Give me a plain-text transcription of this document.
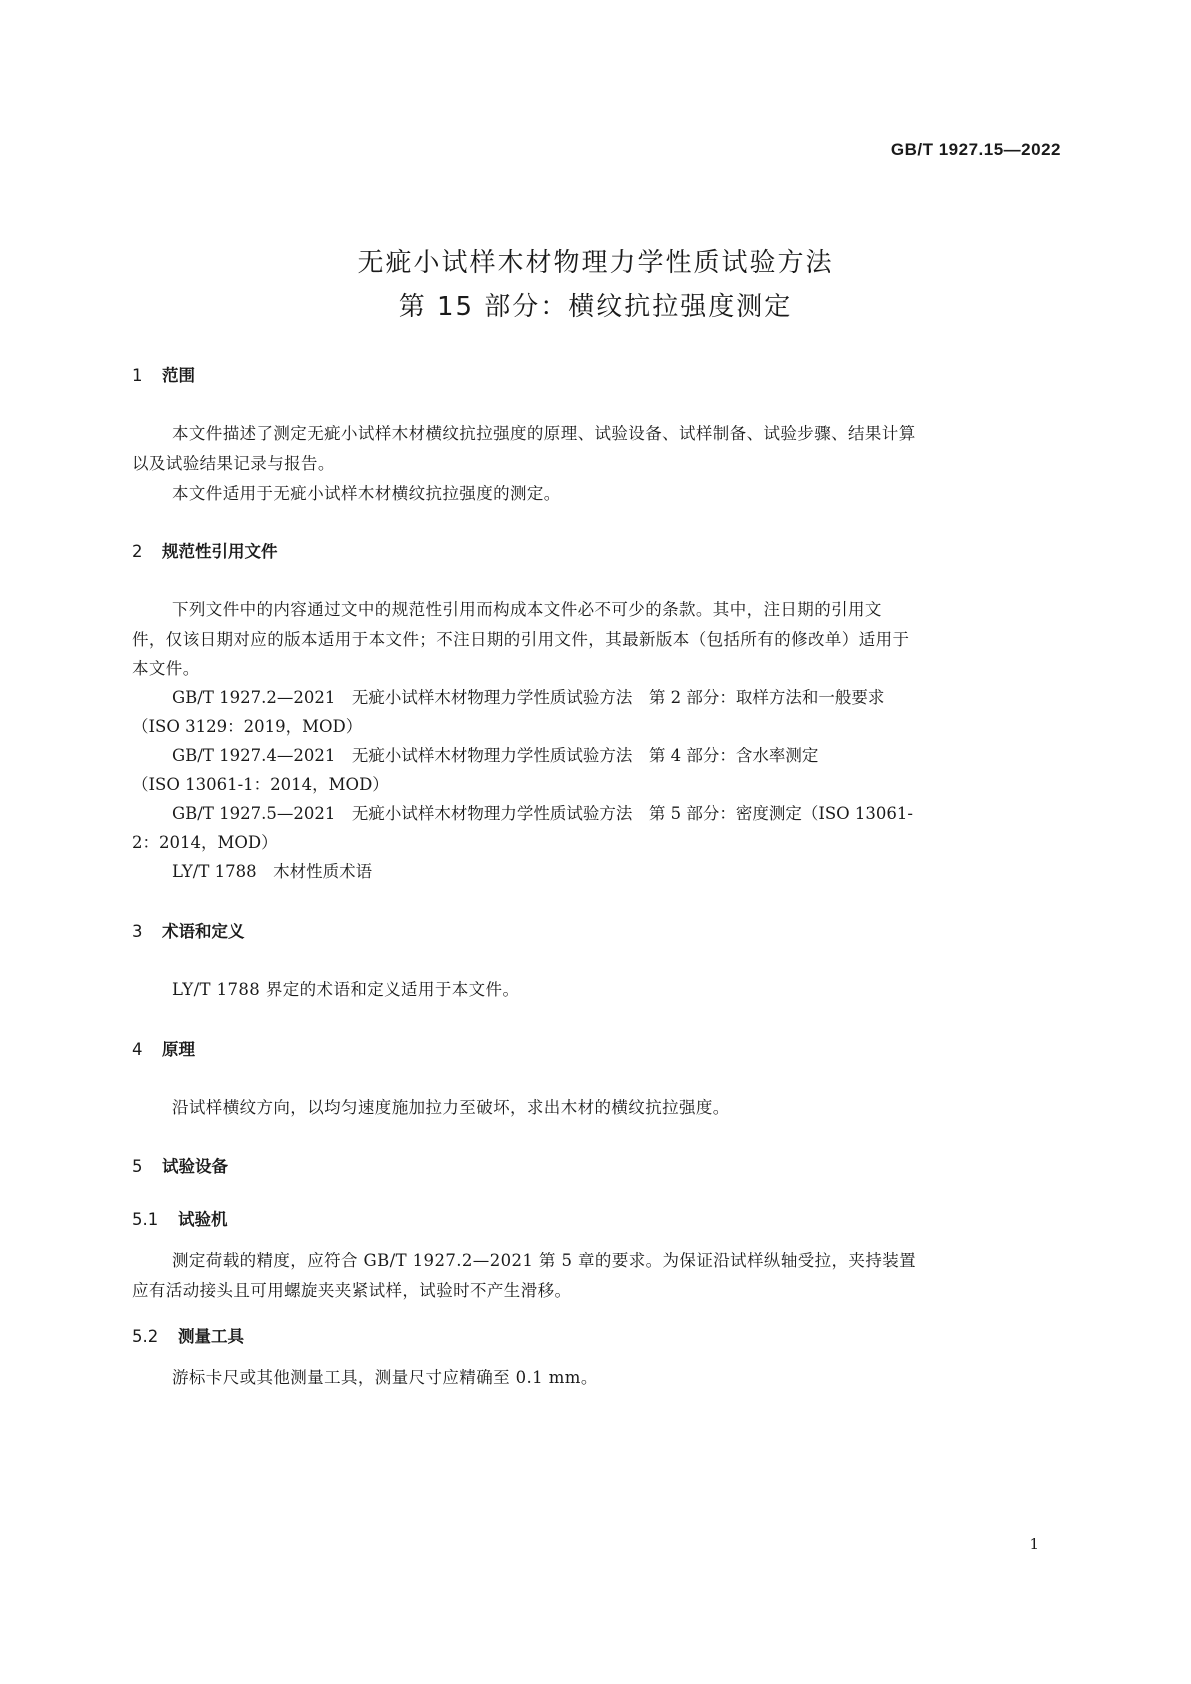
GB/T 1927.15—2022
无疵小试样木材物理力学性质试验方法
第 15 部分：横纹抗拉强度测定
1 范围
本文件描述了测定无疵小试样木材横纹抗拉强度的原理、试验设备、试样制备、试验步骤、结果计算
以及试验结果记录与报告。
本文件适用于无疵小试样木材横纹抗拉强度的测定。
2 规范性引用文件
下列文件中的内容通过文中的规范性引用而构成本文件必不可少的条款。其中，注日期的引用文
件，仅该日期对应的版本适用于本文件；不注日期的引用文件，其最新版本（包括所有的修改单）适用于
本文件。
GB/T 1927.2—2021　无疵小试样木材物理力学性质试验方法　第 2 部分：取样方法和一般要求
（ISO 3129：2019，MOD）
GB/T 1927.4—2021　无疵小试样木材物理力学性质试验方法　第 4 部分：含水率测定
（ISO 13061-1：2014，MOD）
GB/T 1927.5—2021　无疵小试样木材物理力学性质试验方法　第 5 部分：密度测定（ISO 13061-
2：2014，MOD）
LY/T 1788　木材性质术语
3 术语和定义
LY/T 1788 界定的术语和定义适用于本文件。
4 原理
沿试样横纹方向，以均匀速度施加拉力至破坏，求出木材的横纹抗拉强度。
5 试验设备
5.1 试验机
测定荷载的精度，应符合 GB/T 1927.2—2021 第 5 章的要求。为保证沿试样纵轴受拉，夹持装置
应有活动接头且可用螺旋夹夹紧试样，试验时不产生滑移。
5.2 测量工具
游标卡尺或其他测量工具，测量尺寸应精确至 0.1 mm。
1
